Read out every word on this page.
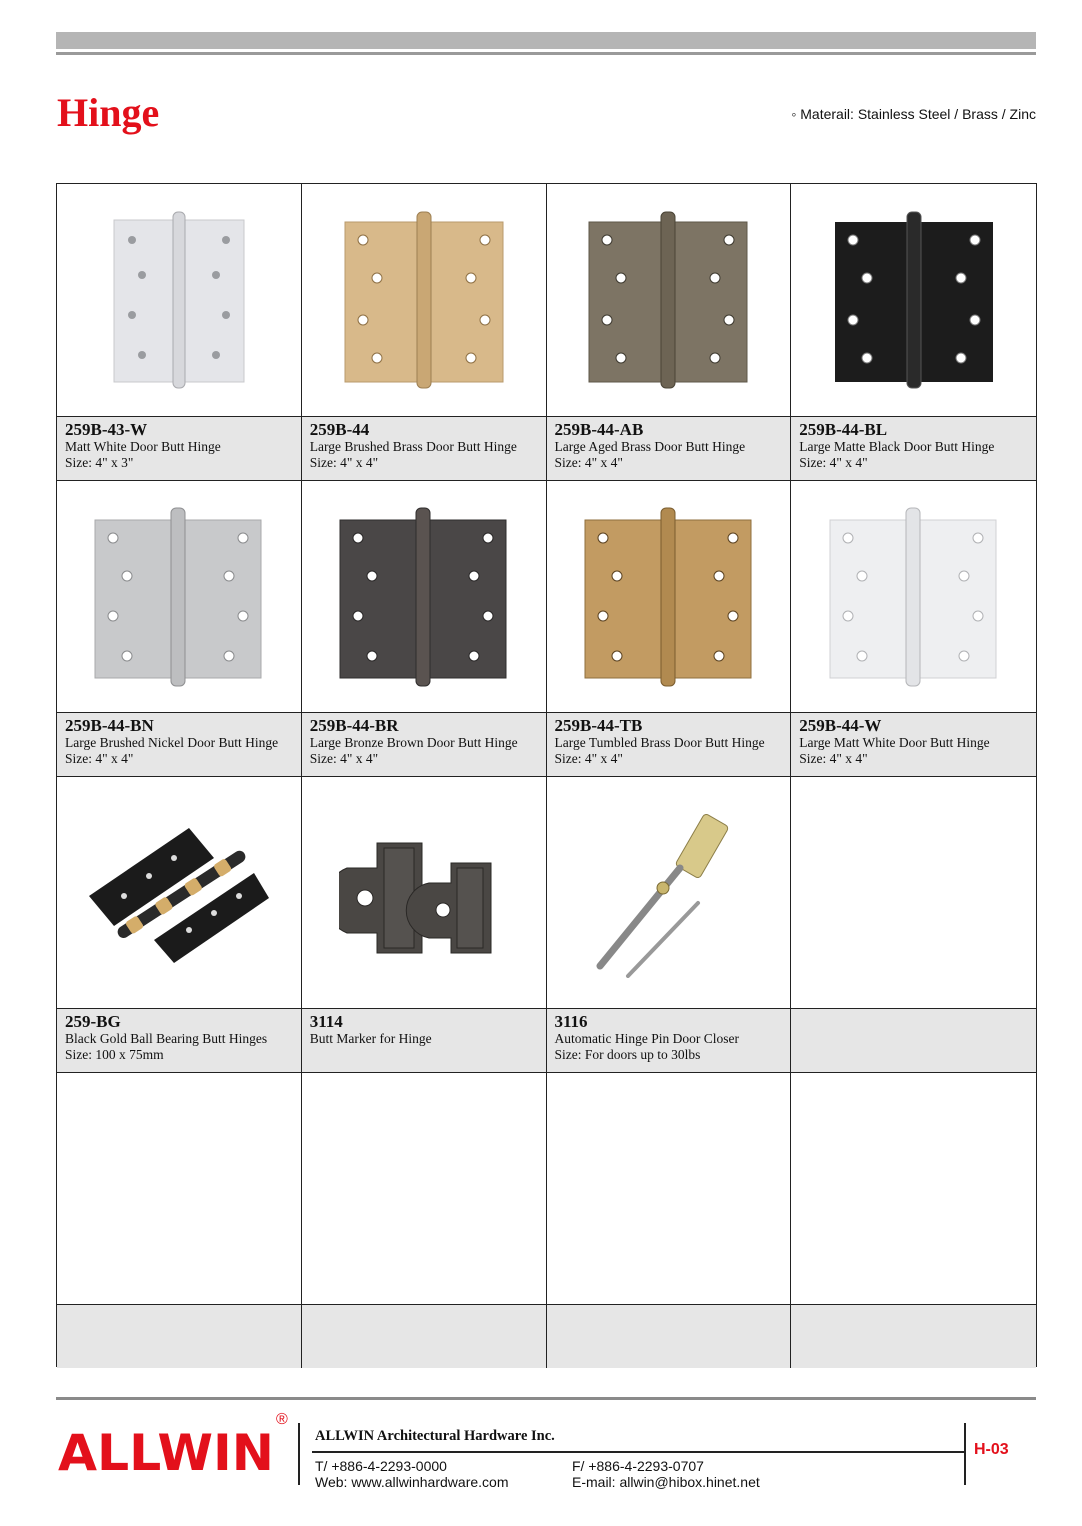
Hinge	◦ Materail: Stainless Steel / Brass / Zinc
259B-43-W
Matt White Door Butt Hinge
Size: 4" x 3"
259B-44
Large Brushed Brass Door Butt Hinge
Size: 4" x 4"
259B-44-AB
Large Aged Brass Door Butt Hinge
Size: 4" x 4"
259B-44-BL
Large Matte Black Door Butt Hinge
Size: 4" x 4"
259B-44-BN
Large Brushed Nickel Door Butt Hinge
Size: 4" x 4"
259B-44-BR
Large Bronze Brown Door Butt Hinge
Size: 4" x 4"
259B-44-TB
Large Tumbled Brass Door Butt Hinge
Size: 4" x 4"
259B-44-W
Large Matt White Door Butt Hinge
Size: 4" x 4"
259-BG
Black Gold Ball Bearing Butt Hinges
Size: 100 x 75mm
3114
Butt Marker for Hinge
3116
Automatic Hinge Pin Door Closer
Size: For doors up to 30lbs
ALLWIN
®
ALLWIN Architectural Hardware Inc.
T/ +886-4-2293-0000
Web: www.allwinhardware.com
F/ +886-4-2293-0707
E-mail: allwin@hibox.hinet.net
H-03
